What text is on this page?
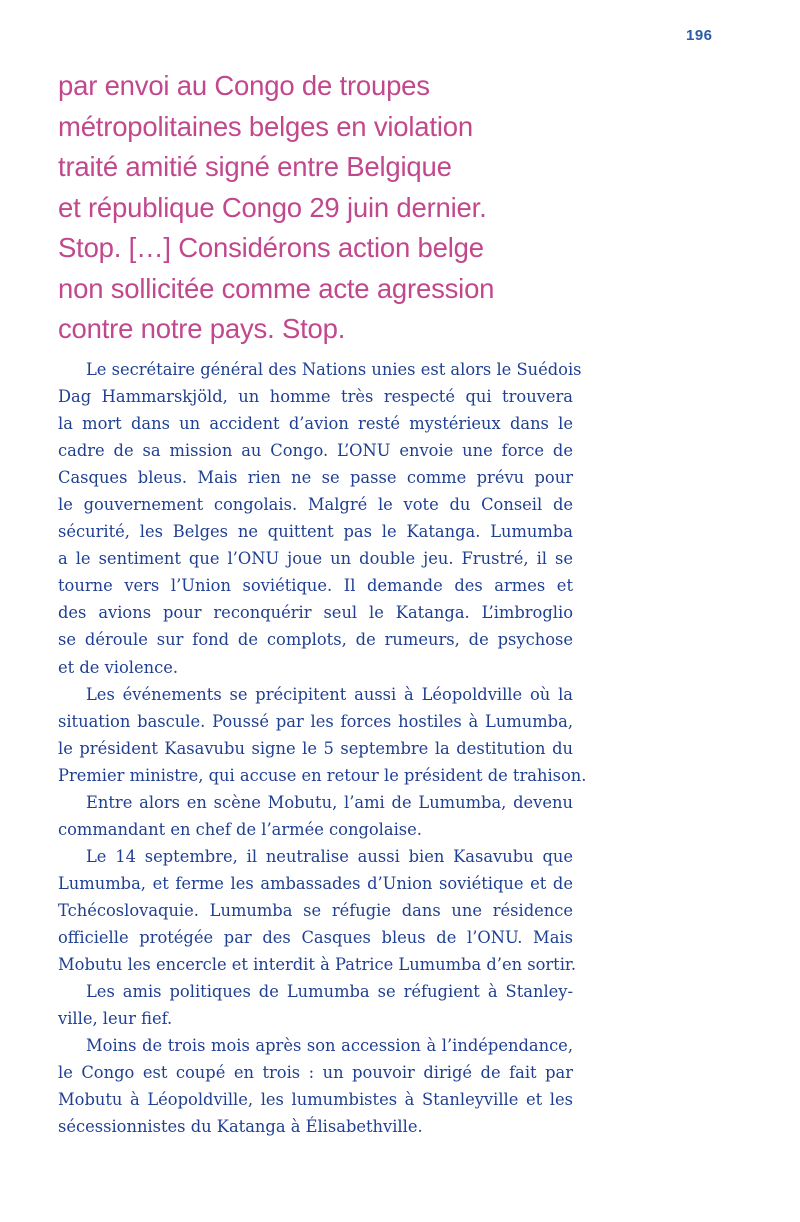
196
par envoi au Congo de troupes
métropolitaines belges en violation
traité amitié signé entre Belgique
et république Congo 29 juin dernier.
Stop. […] Considérons action belge
non sollicitée comme acte agression
contre notre pays. Stop.
Le secrétaire général des Nations unies est alors le Suédois
Dag Hammarskjöld, un homme très respecté qui trouvera
la mort dans un accident d’avion resté mystérieux dans le
cadre de sa mission au Congo. L’ONU envoie une force de
Casques bleus. Mais rien ne se passe comme prévu pour
le gouvernement congolais. Malgré le vote du Conseil de
sécurité, les Belges ne quittent pas le Katanga. Lumumba
a le sentiment que l’ONU joue un double jeu. Frustré, il se
tourne vers l’Union soviétique. Il demande des armes et
des avions pour reconquérir seul le Katanga. L’imbroglio
se déroule sur fond de complots, de rumeurs, de psychose
et de violence.
Les événements se précipitent aussi à Léopoldville où la
situation bascule. Poussé par les forces hostiles à Lumumba,
le président Kasavubu signe le 5 septembre la destitution du
Premier ministre, qui accuse en retour le président de trahison.
Entre alors en scène Mobutu, l’ami de Lumumba, devenu
commandant en chef de l’armée congolaise.
Le 14 septembre, il neutralise aussi bien Kasavubu que
Lumumba, et ferme les ambassades d’Union soviétique et de
Tchécoslovaquie. Lumumba se réfugie dans une résidence
officielle protégée par des Casques bleus de l’ONU. Mais
Mobutu les encercle et interdit à Patrice Lumumba d’en sortir.
Les amis politiques de Lumumba se réfugient à Stanley-
ville, leur fief.
Moins de trois mois après son accession à l’indépendance,
le Congo est coupé en trois : un pouvoir dirigé de fait par
Mobutu à Léopoldville, les lumumbistes à Stanleyville et les
sécessionnistes du Katanga à Élisabethville.
